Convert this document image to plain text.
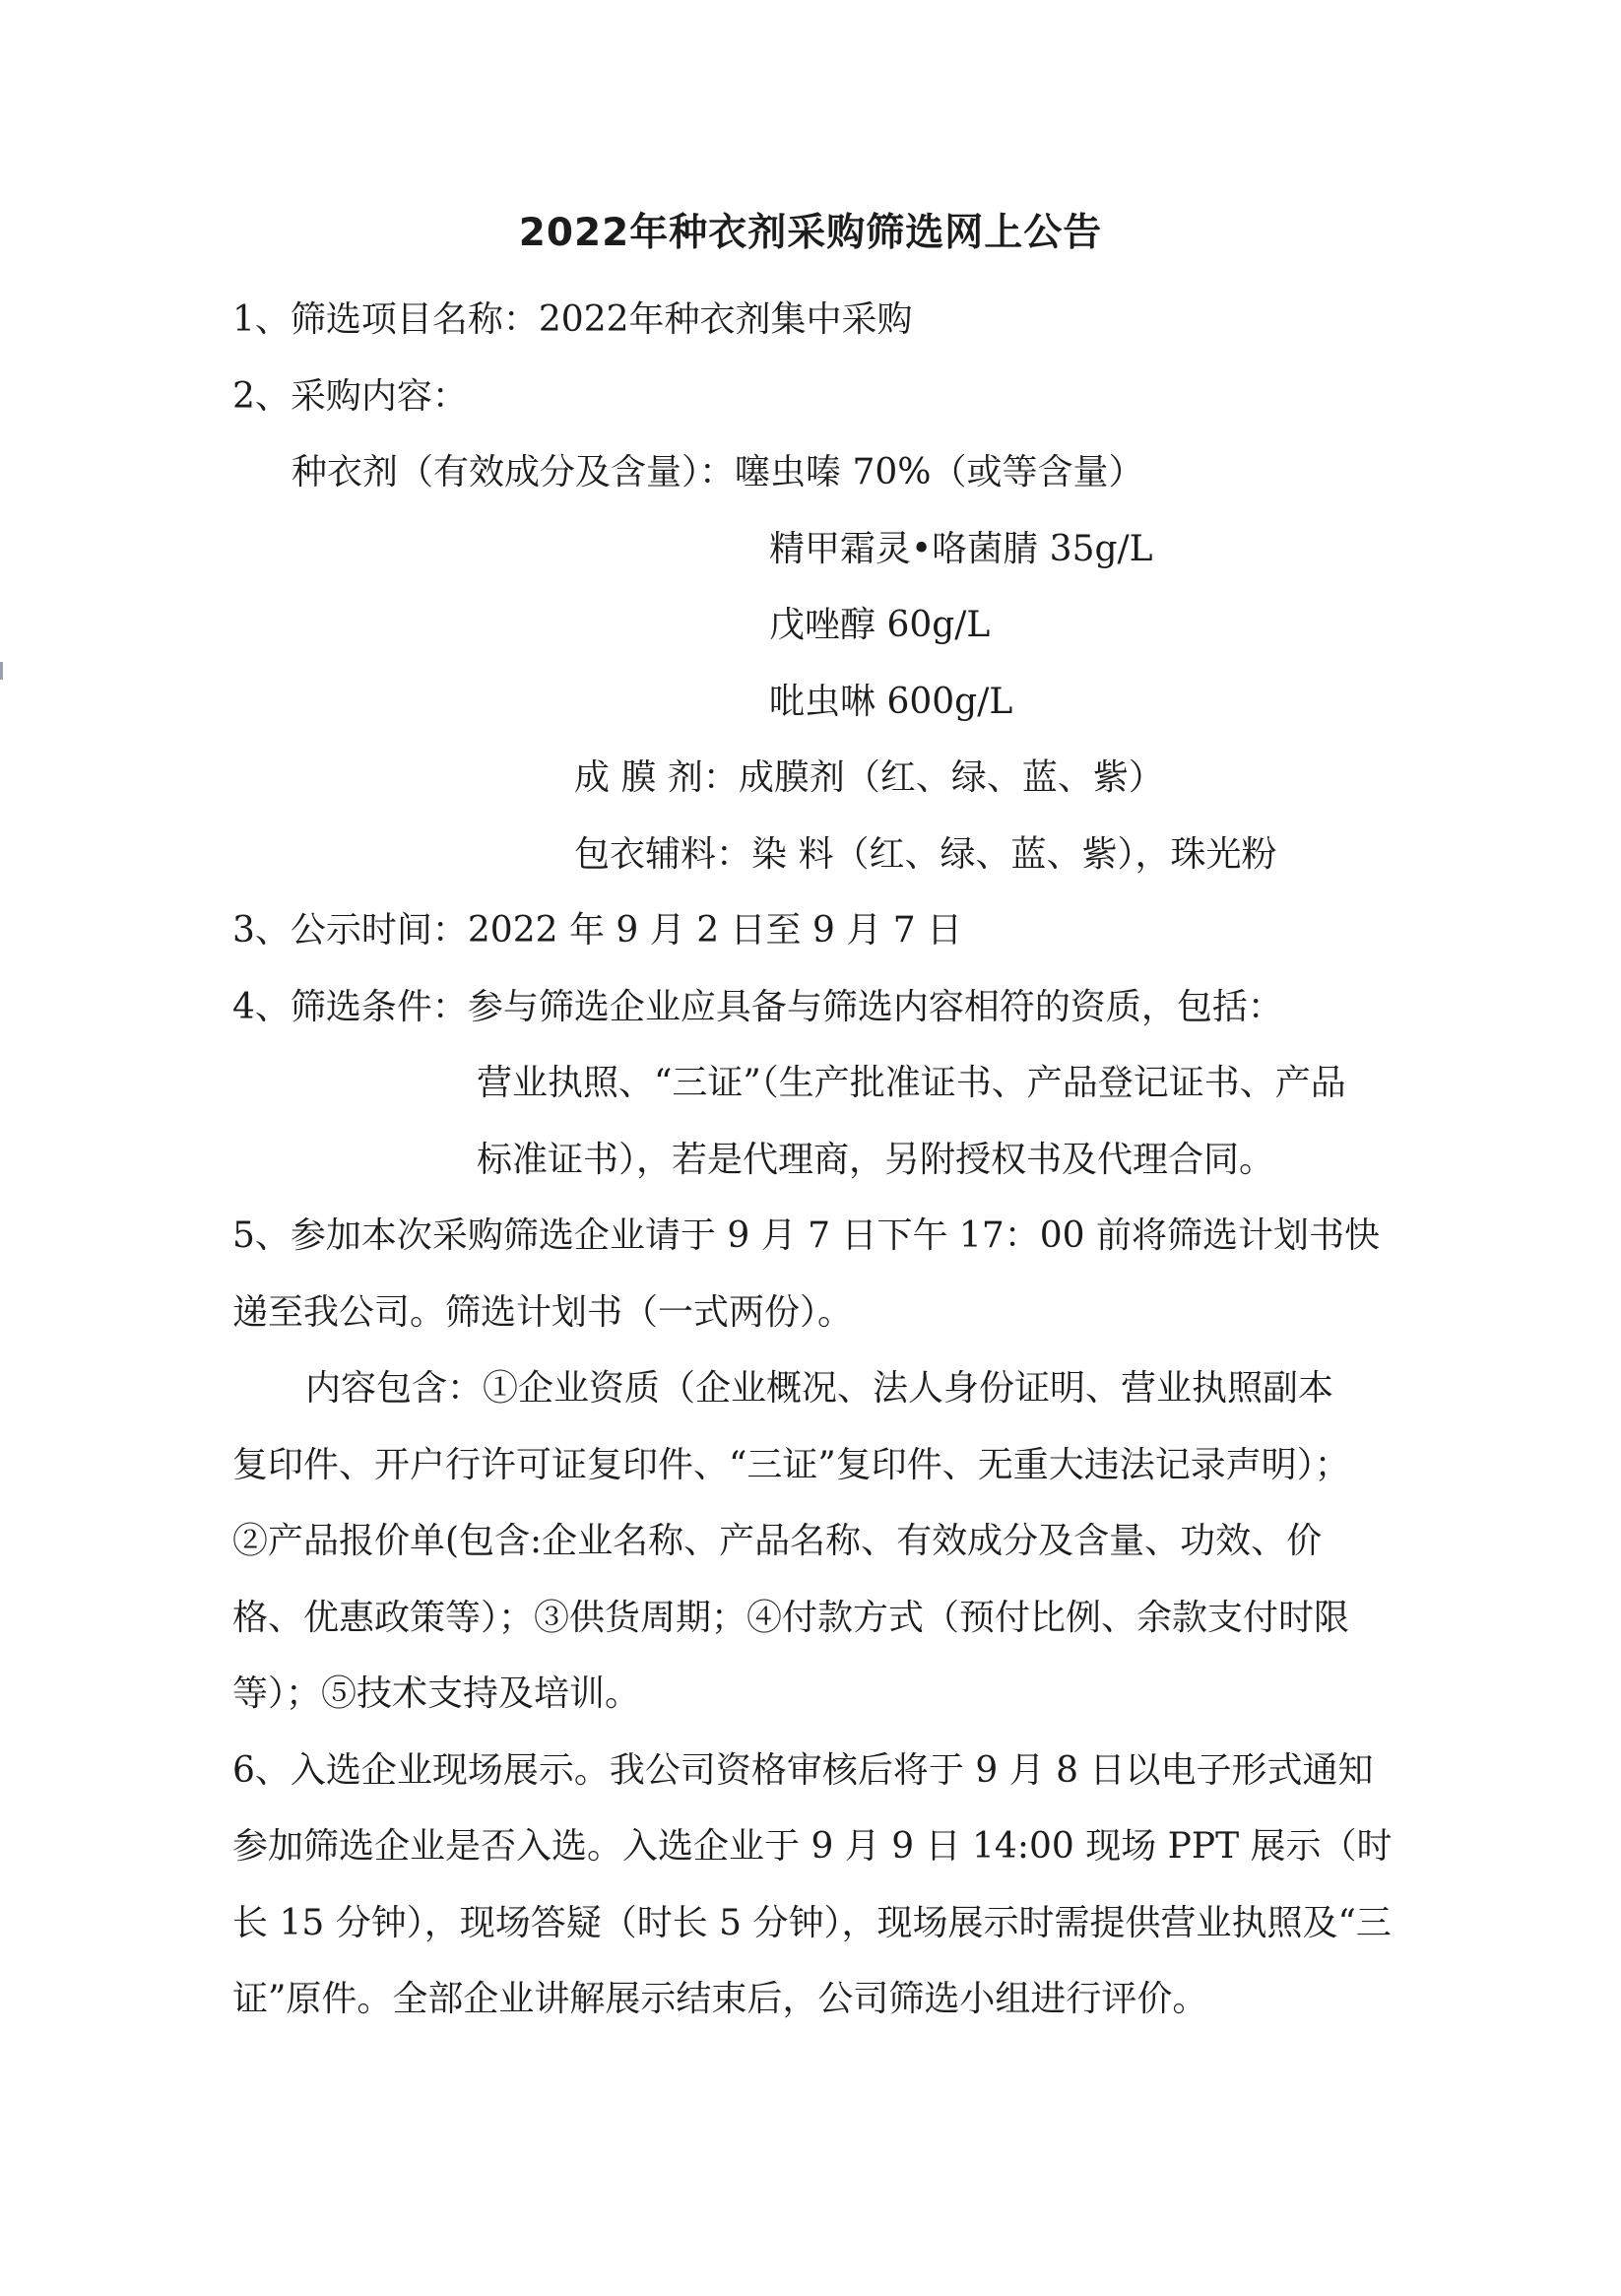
2022年种衣剂采购筛选网上公告
1、筛选项目名称：2022年种衣剂集中采购
2、采购内容：
种衣剂（有效成分及含量）：噻虫嗪 70%（或等含量）
精甲霜灵•咯菌腈 35g/L
戊唑醇 60g/L
吡虫啉 600g/L
成 膜 剂：成膜剂（红、绿、蓝、紫）
包衣辅料：染 料（红、绿、蓝、紫），珠光粉
3、公示时间：2022 年 9 月 2 日至 9 月 7 日
4、筛选条件：参与筛选企业应具备与筛选内容相符的资质，包括：
营业执照、“三证”（生产批准证书、产品登记证书、产品
标准证书），若是代理商，另附授权书及代理合同。
5、参加本次采购筛选企业请于 9 月 7 日下午 17：00 前将筛选计划书快
递至我公司。筛选计划书（一式两份）。
内容包含：①企业资质（企业概况、法人身份证明、营业执照副本
复印件、开户行许可证复印件、“三证”复印件、无重大违法记录声明）；
②产品报价单(包含:企业名称、产品名称、有效成分及含量、功效、价
格、优惠政策等）；③供货周期；④付款方式（预付比例、余款支付时限
等）；⑤技术支持及培训。
6、入选企业现场展示。我公司资格审核后将于 9 月 8 日以电子形式通知
参加筛选企业是否入选。入选企业于 9 月 9 日 14:00 现场 PPT 展示（时
长 15 分钟），现场答疑（时长 5 分钟），现场展示时需提供营业执照及“三
证”原件。全部企业讲解展示结束后，公司筛选小组进行评价。
